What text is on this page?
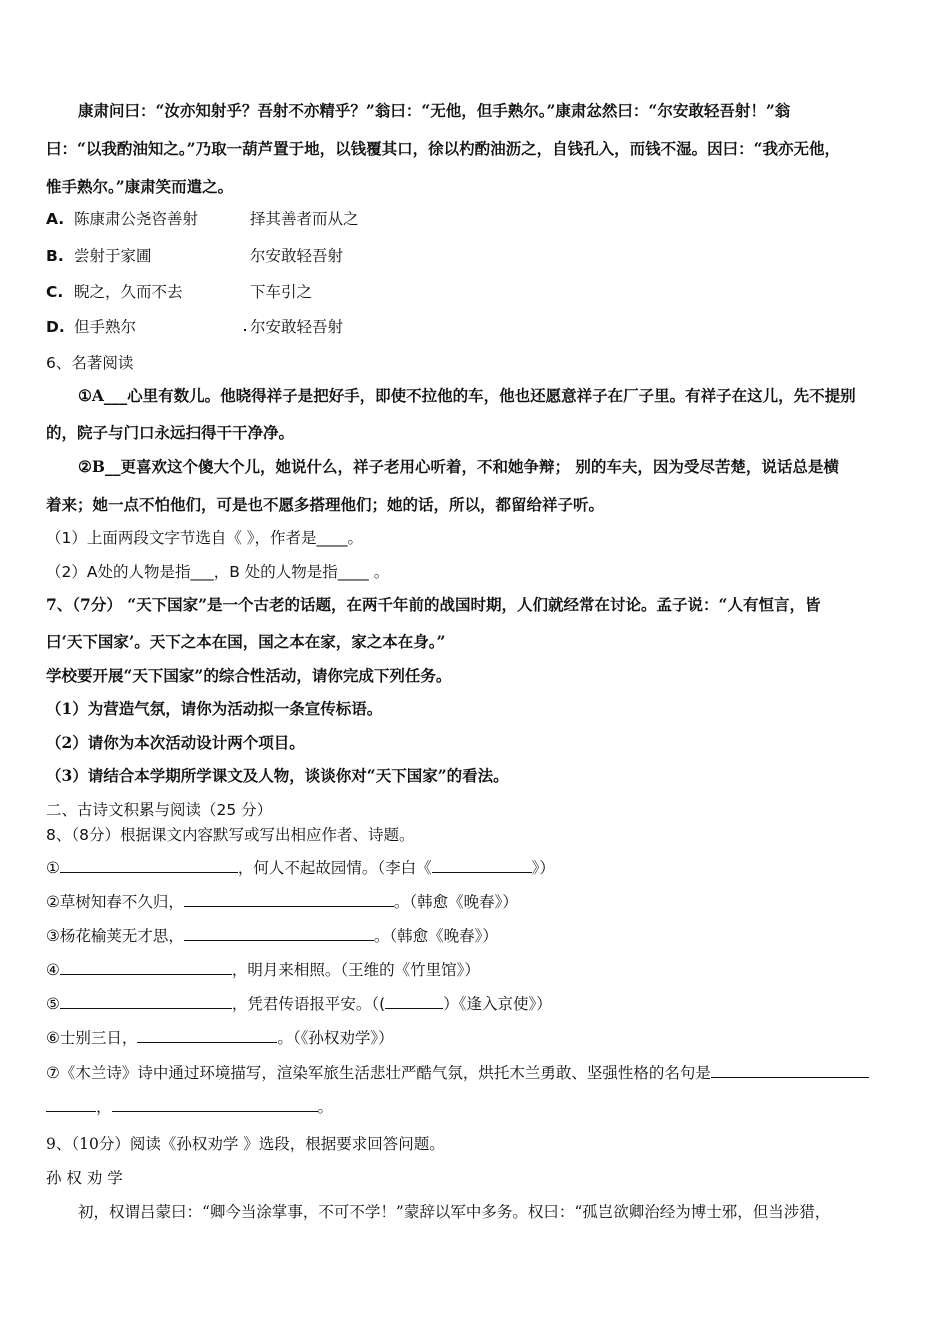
康肃问曰：“汝亦知射乎？吾射不亦精乎？”翁曰：“无他，但手熟尔。”康肃忿然曰：“尔安敢轻吾射！”翁
曰：“以我酌油知之。”乃取一葫芦置于地，以钱覆其口，徐以杓酌油沥之，自钱孔入，而钱不湿。因曰：“我亦无他，
惟手熟尔。”康肃笑而遣之。
A. 陈康肃公尧咨善射	择其善者而从之
B. 尝射于家圃	尔安敢轻吾射
C. 睨之，久而不去	下车引之
D. 但手熟尔	尔安敢轻吾射
6、名著阅读
①A___心里有数儿。他晓得祥子是把好手，即使不拉他的车，他也还愿意祥子在厂子里。有祥子在这儿，先不提别
的，院子与门口永远扫得干干净净。
②B__更喜欢这个傻大个儿，她说什么，祥子老用心听着，不和她争辩； 别的车夫，因为受尽苦楚，说话总是横
着来；她一点不怕他们，可是也不愿多搭理他们；她的话，所以，都留给祥子听。
（1）上面两段文字节选自《 》，作者是____。
（2）A处的人物是指___，B 处的人物是指____ 。
7、（7分） “天下国家”是一个古老的话题，在两千年前的战国时期，人们就经常在讨论。孟子说：“人有恒言，皆
曰‘天下国家’。天下之本在国，国之本在家，家之本在身。”
学校要开展“天下国家”的综合性活动，请你完成下列任务。
（1）为营造气氛，请你为活动拟一条宣传标语。
（2）请你为本次活动设计两个项目。
（3）请结合本学期所学课文及人物，谈谈你对“天下国家”的看法。
二、古诗文积累与阅读（25 分）
8、（8分）根据课文内容默写或写出相应作者、诗题。
①	，何人不起故园情。（李白《	》）
②草树知春不久归，	。（韩愈《晚春》）
③杨花榆荚无才思，	。（韩愈《晚春》）
④	，明月来相照。（王维的《竹里馆》）
⑤	，凭君传语报平安。（(	）《逢入京使》）
⑥士别三日，	。（《孙权劝学》）
⑦《木兰诗》诗中通过环境描写，渲染军旅生活悲壮严酷气氛，烘托木兰勇敢、坚强性格的名句是
，	。
9、（10分）阅读《孙权劝学 》选段，根据要求回答问题。
孙 权 劝 学
初，权谓吕蒙曰：“卿今当涂掌事，不可不学！”蒙辞以军中多务。权曰：“孤岂欲卿治经为博士邪，但当涉猎，
